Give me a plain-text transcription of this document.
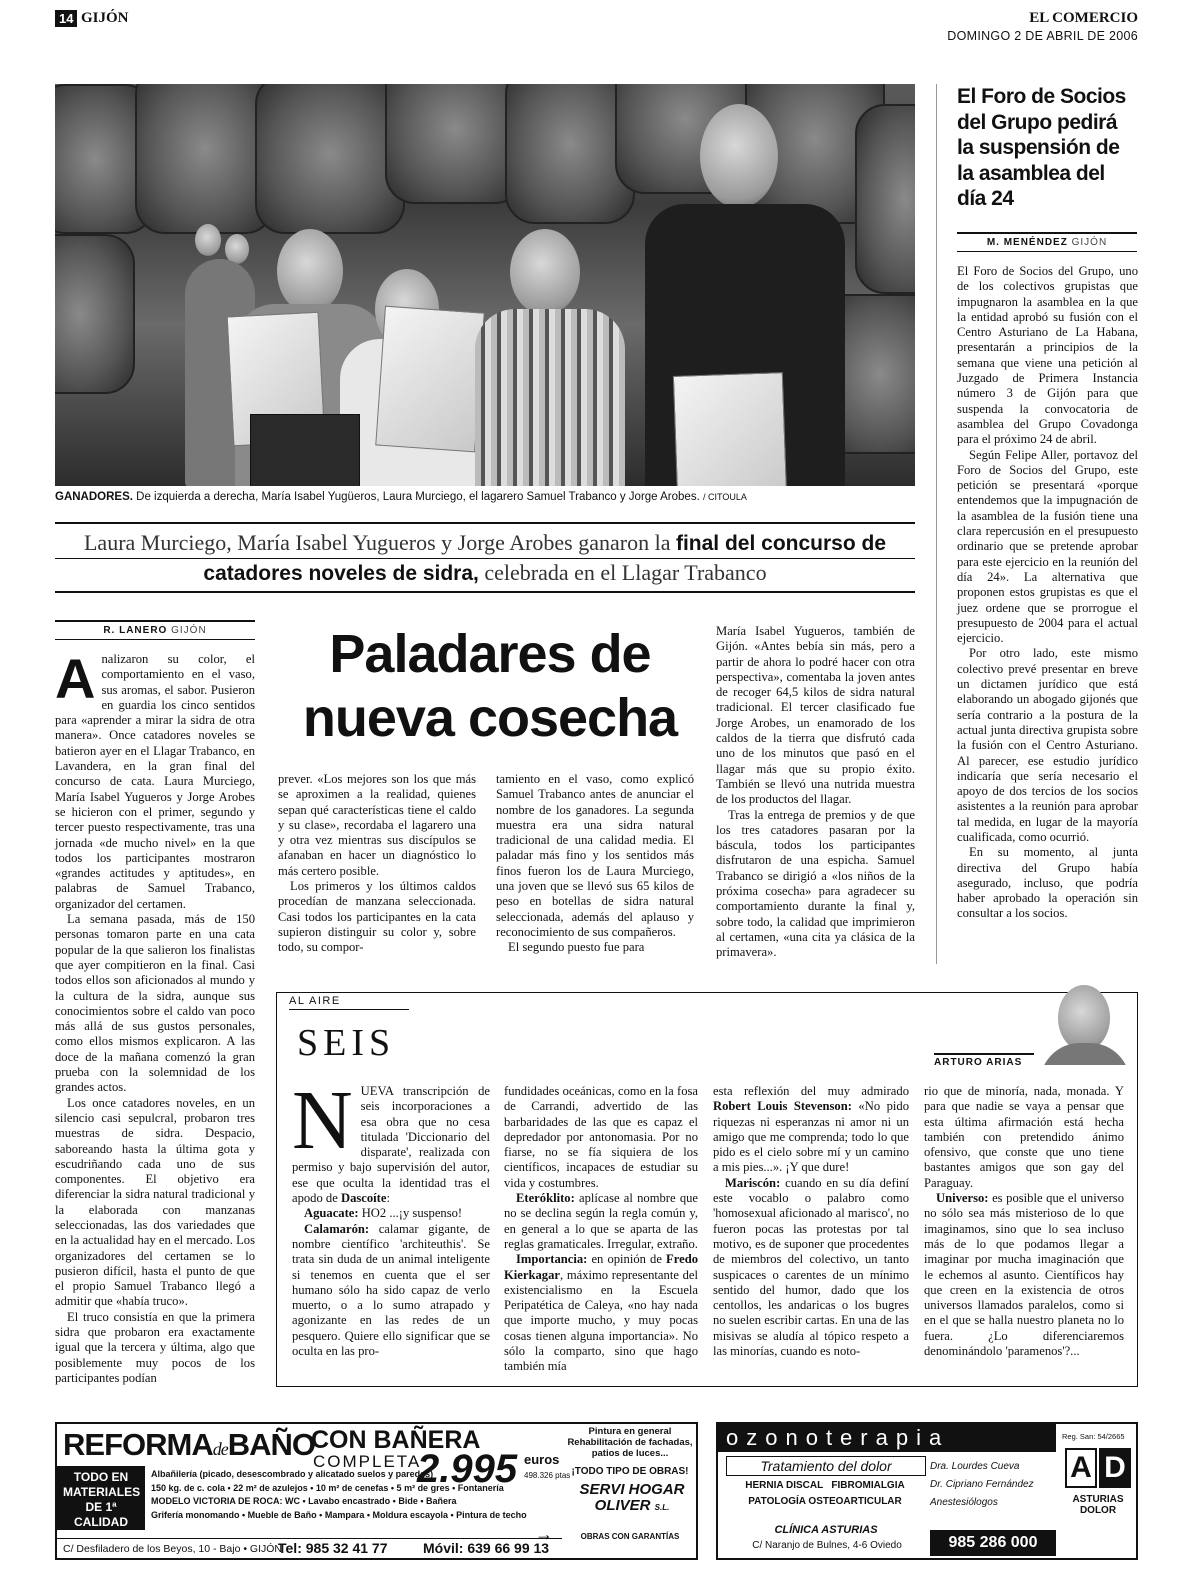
14 GIJÓN	EL COMERCIO
DOMINGO 2 DE ABRIL DE 2006
GANADORES. De izquierda a derecha, María Isabel Yugüeros, Laura Murciego, el lagarero Samuel Trabanco y Jorge Arobes. / CITOULA
Laura Murciego, María Isabel Yugueros y Jorge Arobes ganaron la final del concurso de catadores noveles de sidra, celebrada en el Llagar Trabanco
R. LANERO GIJÓN	Paladares de
nueva cosecha
A nalizaron su color, el comportamiento en el vaso, sus aromas, el sabor. Pusieron en guardia los cinco sentidos para «aprender a mirar la sidra de otra manera». Once catadores noveles se batieron ayer en el Llagar Trabanco, en Lavandera, en la gran final del concurso de cata. Laura Murciego, María Isabel Yugueros y Jorge Arobes se hicieron con el primer, segundo y tercer puesto respectivamente, tras una jornada «de mucho nivel» en la que todos los participantes mostraron «grandes actitudes y aptitudes», en palabras de Samuel Trabanco, organizador del certamen.

La semana pasada, más de 150 personas tomaron parte en una cata popular de la que salieron los finalistas que ayer compitieron en la final. Casi todos ellos son aficionados al mundo y la cultura de la sidra, aunque sus conocimientos sobre el caldo van poco más allá de sus gustos personales, como ellos mismos explicaron. A las doce de la mañana comenzó la gran prueba con la solemnidad de los grandes actos.

Los once catadores noveles, en un silencio casi sepulcral, probaron tres muestras de sidra. Despacio, saboreando hasta la última gota y escudriñando cada uno de sus componentes. El objetivo era diferenciar la sidra natural tradicional y la elaborada con manzanas seleccionadas, las dos variedades que en la actualidad hay en el mercado. Los organizadores del certamen se lo pusieron difícil, hasta el punto de que el propio Samuel Trabanco llegó a admitir que «había truco».

El truco consistía en que la primera sidra que probaron era exactamente igual que la tercera y última, algo que posiblemente muy pocos de los participantes podían

prever. «Los mejores son los que más se aproximen a la realidad, quienes sepan qué características tiene el caldo y su clase», recordaba el lagarero una y otra vez mientras sus discípulos se afanaban en hacer un diagnóstico lo más certero posible.

Los primeros y los últimos caldos procedían de manzana seleccionada. Casi todos los participantes en la cata supieron distinguir su color y, sobre todo, su compor-

tamiento en el vaso, como explicó Samuel Trabanco antes de anunciar el nombre de los ganadores. La segunda muestra era una sidra natural tradicional de una calidad media. El paladar más fino y los sentidos más finos fueron los de Laura Murciego, una joven que se llevó sus 65 kilos de peso en botellas de sidra natural seleccionada, además del aplauso y reconocimiento de sus compañeros.

El segundo puesto fue para

María Isabel Yugueros, también de Gijón. «Antes bebía sin más, pero a partir de ahora lo podré hacer con otra perspectiva», comentaba la joven antes de recoger 64,5 kilos de sidra natural tradicional. El tercer clasificado fue Jorge Arobes, un enamorado de los caldos de la tierra que disfrutó cada uno de los minutos que pasó en el llagar más que su propio éxito. También se llevó una nutrida muestra de los productos del llagar.

Tras la entrega de premios y de que los tres catadores pasaran por la báscula, todos los participantes disfrutaron de una espicha. Samuel Trabanco se dirigió a «los niños de la próxima cosecha» para agradecer su comportamiento durante la final y, sobre todo, la calidad que imprimieron al certamen, «una cita ya clásica de la primavera».

El Foro de Socios del Grupo pedirá la suspensión de la asamblea del día 24
M. MENÉNDEZ GIJÓN

El Foro de Socios del Grupo, uno de los colectivos grupistas que impugnaron la asamblea en la que la entidad aprobó su fusión con el Centro Asturiano de La Habana, presentarán a principios de la semana que viene una petición al Juzgado de Primera Instancia número 3 de Gijón para que suspenda la convocatoria de asamblea del Grupo Covadonga para el próximo 24 de abril.

Según Felipe Aller, portavoz del Foro de Socios del Grupo, este petición se presentará «porque entendemos que la impugnación de la asamblea de la fusión tiene una clara repercusión en el presupuesto ordinario que se pretende aprobar para este ejercicio en la reunión del día 24». La alternativa que proponen estos grupistas es que el juez ordene que se prorrogue el presupuesto de 2004 para el actual ejercicio.

Por otro lado, este mismo colectivo prevé presentar en breve un dictamen jurídico que está elaborando un abogado gijonés que sería contrario a la postura de la actual junta directiva grupista sobre la fusión con el Centro Asturiano. Al parecer, ese estudio jurídico indicaría que sería necesario el apoyo de dos tercios de los socios asistentes a la reunión para aprobar tal medida, en lugar de la mayoría cualificada, como ocurrió.

En su momento, al junta directiva del Grupo había asegurado, incluso, que podría haber aprobado la operación sin consultar a los socios.

AL AIRE
SEIS	ARTURO ARIAS
N UEVA transcripción de seis incorporaciones a esa obra que no cesa titulada 'Diccionario del disparate', realizada con permiso y bajo supervisión del autor, ese que oculta la identidad tras el apodo de Dascoíte:

Aguacate: HO2 ...¡y suspenso!

Calamarón: calamar gigante, de nombre científico 'architeuthis'. Se trata sin duda de un animal inteligente si tenemos en cuenta que el ser humano sólo ha sido capaz de verlo muerto, o a lo sumo atrapado y agonizante en las redes de un pesquero. Quiere ello significar que se oculta en las pro-

fundidades oceánicas, como en la fosa de Carrandi, advertido de las barbaridades de las que es capaz el depredador por antonomasia. Por no fiarse, no se fía siquiera de los científicos, incapaces de estudiar su vida y costumbres.

Eteróklito: aplícase al nombre que no se declina según la regla común y, en general a lo que se aparta de las reglas gramaticales. Irregular, extraño.

Importancia: en opinión de Fredo Kierkagar, máximo representante del existencialismo en la Escuela Peripatética de Caleya, «no hay nada que importe mucho, y muy pocas cosas tienen alguna importancia». No sólo la comparto, sino que hago también mía

esta reflexión del muy admirado Robert Louis Stevenson: «No pido riquezas ni esperanzas ni amor ni un amigo que me comprenda; todo lo que pido es el cielo sobre mí y un camino a mis pies...». ¡Y que dure!

Mariscón: cuando en su día definí este vocablo o palabro como 'homosexual aficionado al marisco', no fueron pocas las protestas por tal motivo, es de suponer que procedentes de miembros del colectivo, un tanto suspicaces o carentes de un mínimo sentido del humor, dado que los centollos, les andaricas o los bugres no suelen escribir cartas. En una de las misivas se aludía al tópico respeto a las minorías, cuando es noto-

rio que de minoría, nada, monada. Y para que nadie se vaya a pensar que esta última afirmación está hecha también con pretendido ánimo ofensivo, que conste que uno tiene bastantes amigos que son gay del Paraguay.

Universo: es posible que el universo no sólo sea más misterioso de lo que imaginamos, sino que lo sea incluso más de lo que podamos llegar a imaginar por mucha imaginación que le echemos al asunto. Científicos hay que creen en la existencia de otros universos llamados paralelos, como si en el que se halla nuestro planeta no lo fuera. ¿Lo diferenciaremos denominándolo 'paramenos'?...

REFORMAdeBAÑO
CON BAÑERA
COMPLETA
2.995 euros
498.326 ptas
TODO EN MATERIALES DE 1ª CALIDAD
Albañilería (picado, desescombrado y alicatado suelos y paredes)
150 kg. de c. cola • 22 m² de azulejos • 10 m² de cenefas • 5 m² de gres • Fontanería
MODELO VICTORIA DE ROCA: WC • Lavabo encastrado • Bide • Bañera
Grifería monomando • Mueble de Baño • Mampara • Moldura escayola • Pintura de techo
→
Pintura en general Rehabilitación de fachadas, patios de luces...
¡TODO TIPO DE OBRAS!
SERVI HOGAR
OLIVER S.L.
OBRAS CON GARANTÍAS
C/ Desfiladero de los Beyos, 10 - Bajo • GIJÓN
Tel: 985 32 41 77	Móvil: 639 66 99 13
ozonoterapia	Reg. San: 54/2665
Tratamiento del dolor
HERNIA DISCAL   FIBROMIALGIA
PATOLOGÍA OSTEOARTICULAR
Dra. Lourdes Cueva
Dr. Cipriano Fernández
Anestesiólogos
CLÍNICA ASTURIAS
C/ Naranjo de Bulnes, 4-6 Oviedo	985 286 000
A D
ASTURIAS
DOLOR
